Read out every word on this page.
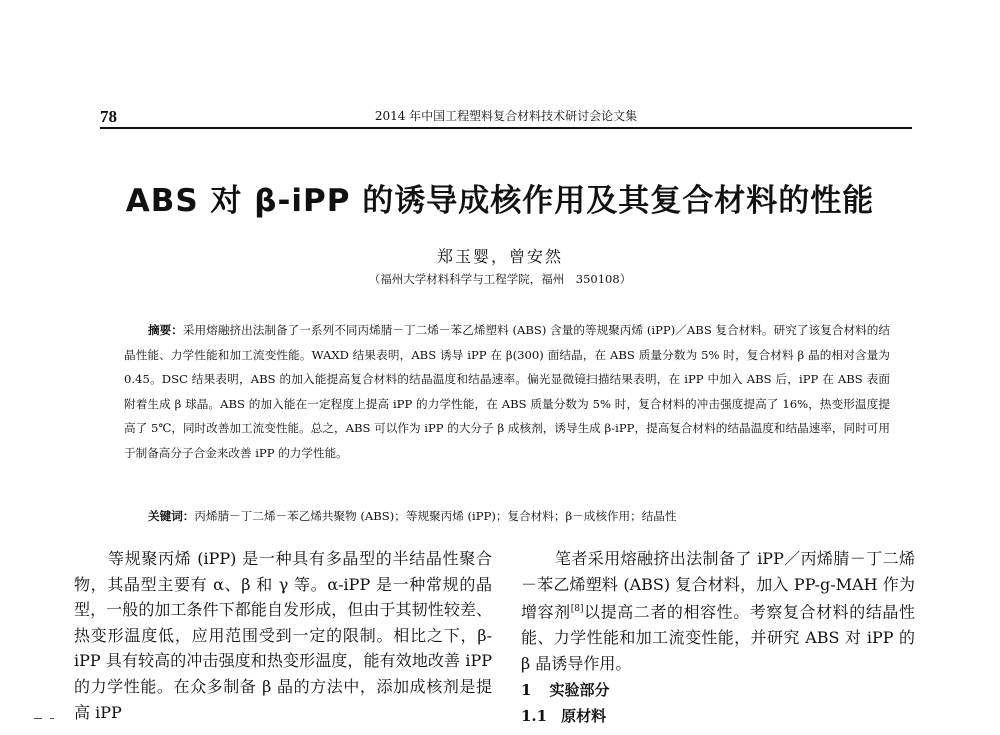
78	2014 年中国工程塑料复合材料技术研讨会论文集
ABS 对 β-iPP 的诱导成核作用及其复合材料的性能
郑玉婴，曾安然
（福州大学材料科学与工程学院，福州　350108）
摘要：采用熔融挤出法制备了一系列不同丙烯腈－丁二烯－苯乙烯塑料 (ABS) 含量的等规聚丙烯 (iPP)／ABS 复合材料。研究了该复合材料的结晶性能、力学性能和加工流变性能。WAXD 结果表明，ABS 诱导 iPP 在 β(300) 面结晶，在 ABS 质量分数为 5% 时，复合材料 β 晶的相对含量为 0.45。DSC 结果表明，ABS 的加入能提高复合材料的结晶温度和结晶速率。偏光显微镜扫描结果表明，在 iPP 中加入 ABS 后，iPP 在 ABS 表面附着生成 β 球晶。ABS 的加入能在一定程度上提高 iPP 的力学性能，在 ABS 质量分数为 5% 时，复合材料的冲击强度提高了 16%，热变形温度提高了 5℃，同时改善加工流变性能。总之，ABS 可以作为 iPP 的大分子 β 成核剂，诱导生成 β-iPP，提高复合材料的结晶温度和结晶速率，同时可用于制备高分子合金来改善 iPP 的力学性能。
关键词：丙烯腈－丁二烯－苯乙烯共聚物 (ABS)；等规聚丙烯 (iPP)；复合材料；β－成核作用；结晶性
等规聚丙烯 (iPP) 是一种具有多晶型的半结晶性聚合物，其晶型主要有 α、β 和 γ 等。α-iPP 是一种常规的晶型，一般的加工条件下都能自发形成，但由于其韧性较差、热变形温度低，应用范围受到一定的限制。相比之下，β-iPP 具有较高的冲击强度和热变形温度，能有效地改善 iPP 的力学性能。在众多制备 β 晶的方法中，添加成核剂是提高 iPP
笔者采用熔融挤出法制备了 iPP／丙烯腈－丁二烯－苯乙烯塑料 (ABS) 复合材料，加入 PP-g-MAH 作为增容剂[8]以提高二者的相容性。考察复合材料的结晶性能、力学性能和加工流变性能，并研究 ABS 对 iPP 的 β 晶诱导作用。
1 实验部分
1.1 原材料
